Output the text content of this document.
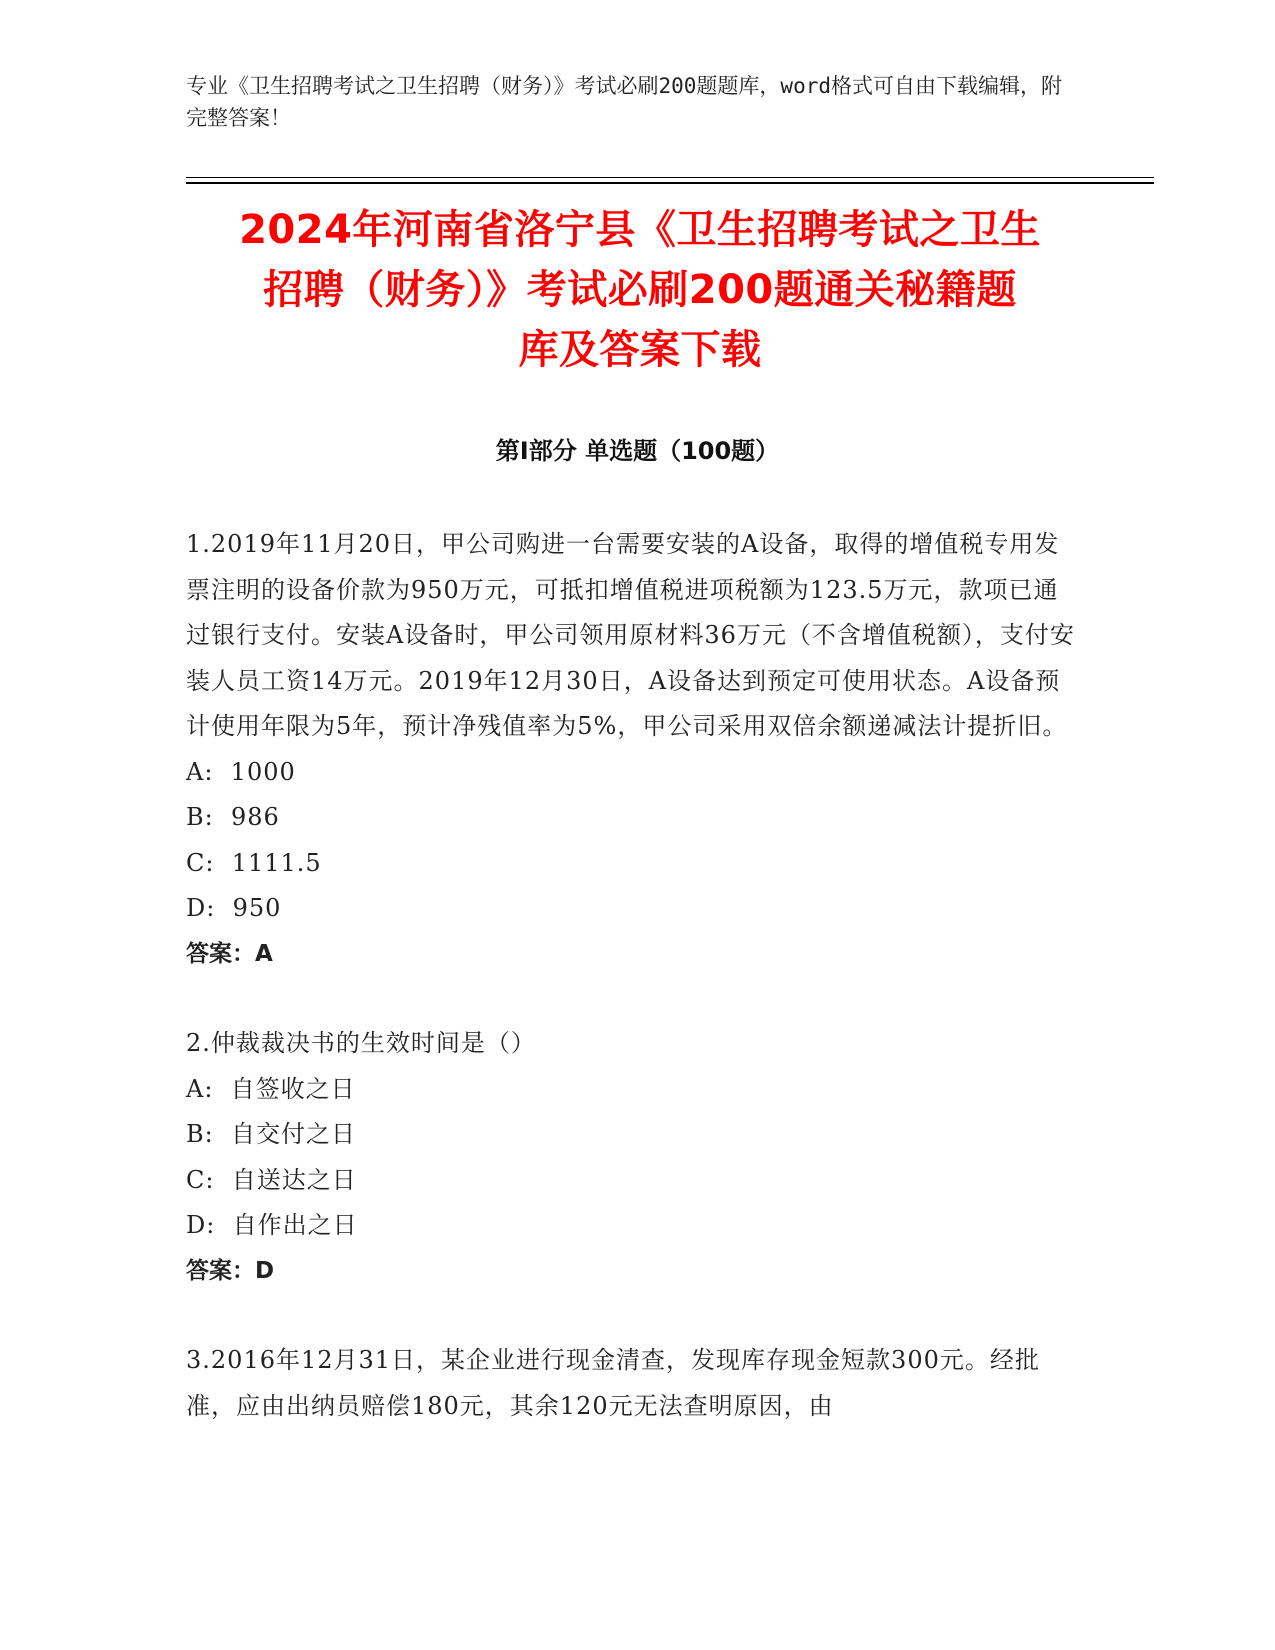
专业《卫生招聘考试之卫生招聘（财务）》考试必刷200题题库，word格式可自由下载编辑，附完整答案！
2024年河南省洛宁县《卫生招聘考试之卫生
招聘（财务）》考试必刷200题通关秘籍题
库及答案下载
第Ⅰ部分 单选题（100题）

1.2019年11月20日，甲公司购进一台需要安装的A设备，取得的增值税专用发票注明的设备价款为950万元，可抵扣增值税进项税额为123.5万元，款项已通过银行支付。安装A设备时，甲公司领用原材料36万元（不含增值税额），支付安装人员工资14万元。2019年12月30日，A设备达到预定可使用状态。A设备预计使用年限为5年，预计净残值率为5%，甲公司采用双倍余额递减法计提折旧。

A:  1000

B:  986

C:  1111.5

D:  950

答案：A

2.仲裁裁决书的生效时间是（）

A:  自签收之日

B:  自交付之日

C:  自送达之日

D:  自作出之日

答案：D

3.2016年12月31日，某企业进行现金清查，发现库存现金短款300元。经批准，应由出纳员赔偿180元，其余120元无法查明原因，由
